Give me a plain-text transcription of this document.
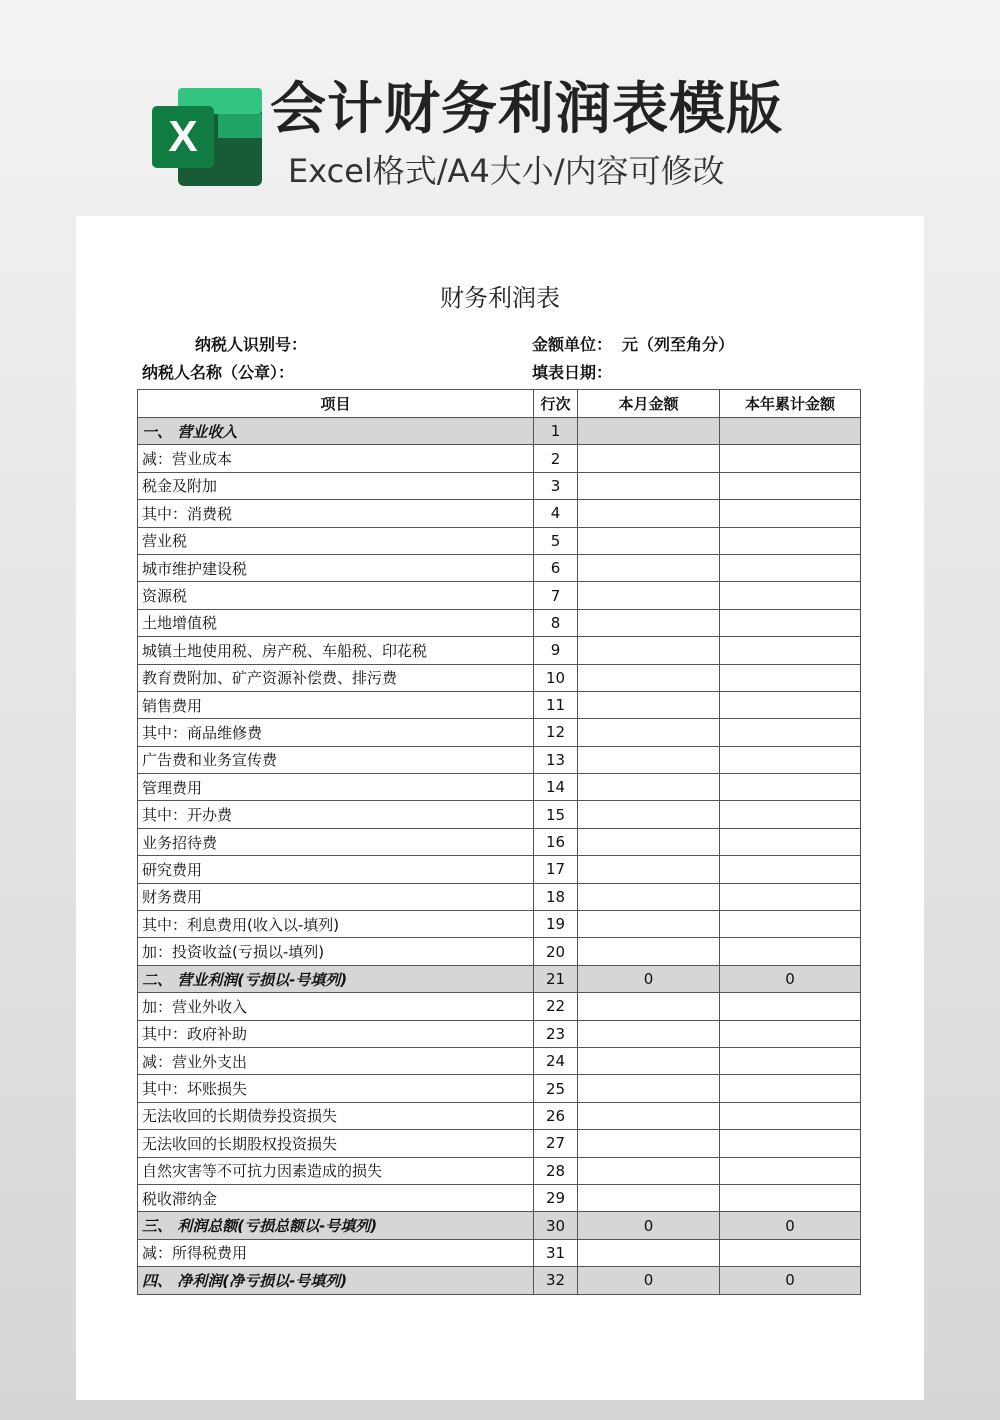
X 会计财务利润表模版
Excel格式/A4大小/内容可修改
财务利润表
纳税人识别号：	金额单位： 元（列至角分）
纳税人名称（公章）：	填表日期：
项目	行次	本月金额	本年累计金额
一、 营业收入	1		
减：营业成本	2		
税金及附加	3		
其中：消费税	4		
营业税	5		
城市维护建设税	6		
资源税	7		
土地增值税	8		
城镇土地使用税、房产税、车船税、印花税	9		
教育费附加、矿产资源补偿费、排污费	10		
销售费用	11		
其中：商品维修费	12		
广告费和业务宣传费	13		
管理费用	14		
其中：开办费	15		
业务招待费	16		
研究费用	17		
财务费用	18		
其中：利息费用(收入以-填列)	19		
加：投资收益(亏损以-填列)	20		
二、 营业利润(亏损以-号填列)	21	0	0
加：营业外收入	22		
其中：政府补助	23		
减：营业外支出	24		
其中：坏账损失	25		
无法收回的长期债券投资损失	26		
无法收回的长期股权投资损失	27		
自然灾害等不可抗力因素造成的损失	28		
税收滞纳金	29		
三、 利润总额(亏损总额以-号填列)	30	0	0
减：所得税费用	31		
四、 净利润(净亏损以-号填列)	32	0	0
